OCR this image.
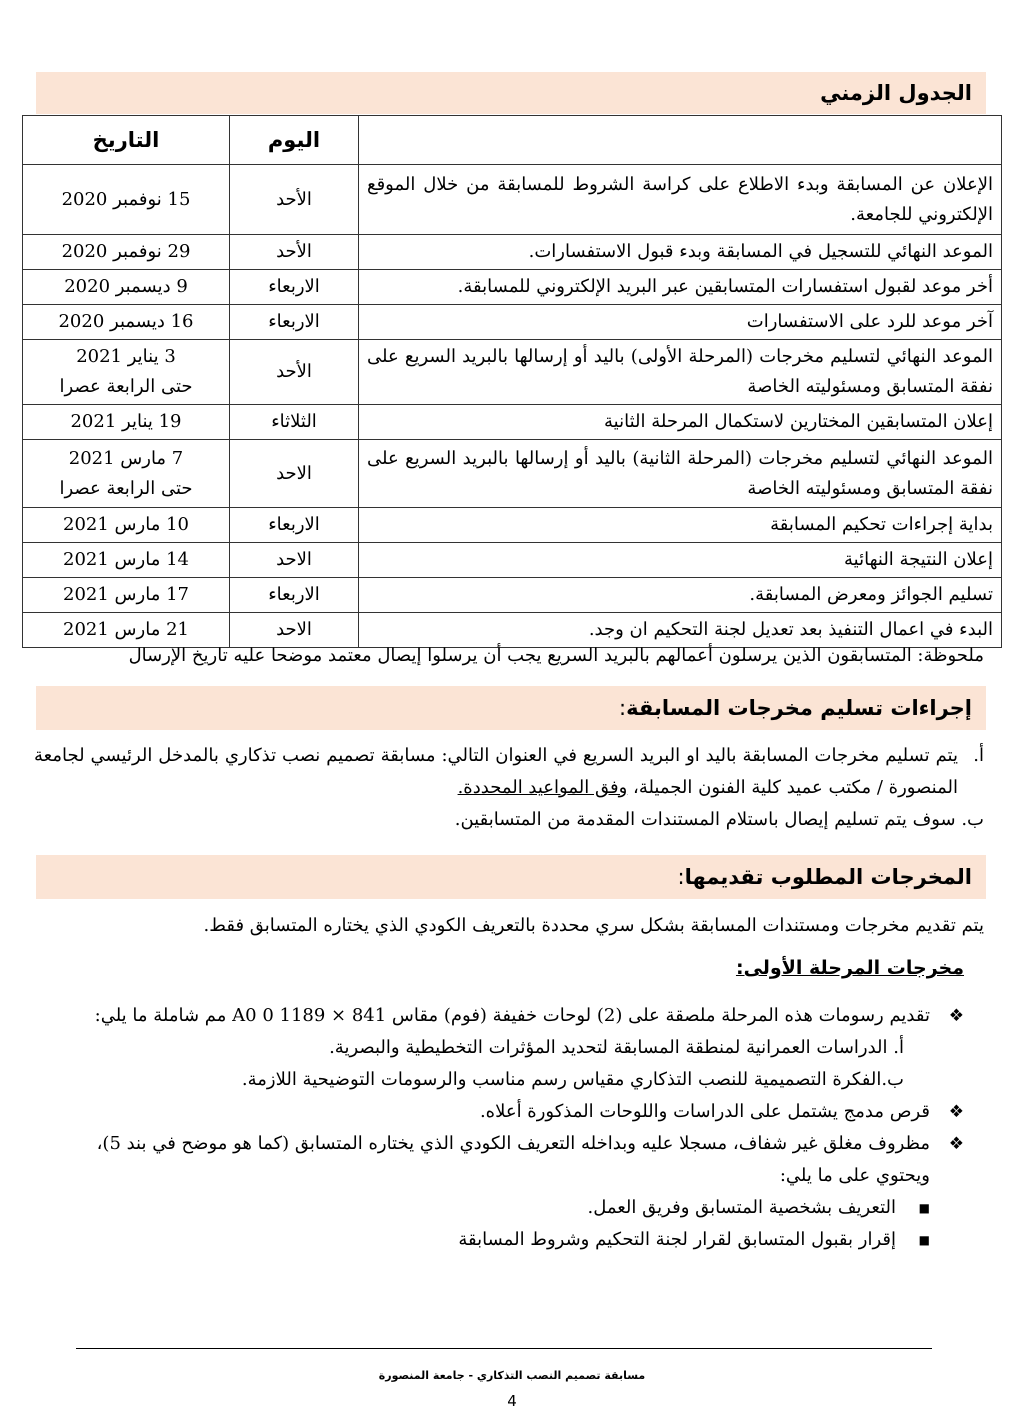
الجدول الزمني
	اليوم	التاريخ
الإعلان عن المسابقة وبدء الاطلاع على كراسة الشروط للمسابقة من خلال الموقع الإلكتروني للجامعة.	الأحد	15 نوفمبر 2020
الموعد النهائي للتسجيل في المسابقة وبدء قبول الاستفسارات.	الأحد	29 نوفمبر 2020
أخر موعد لقبول استفسارات المتسابقين عبر البريد الإلكتروني للمسابقة.	الاربعاء	9 ديسمبر 2020
آخر موعد للرد على الاستفسارات	الاربعاء	16 ديسمبر 2020
الموعد النهائي لتسليم مخرجات (المرحلة الأولى) باليد أو إرسالها بالبريد السريع على نفقة المتسابق ومسئوليته الخاصة	الأحد	3 يناير 2021
حتى الرابعة عصرا

إعلان المتسابقين المختارين لاستكمال المرحلة الثانية	الثلاثاء	19 يناير 2021
الموعد النهائي لتسليم مخرجات (المرحلة الثانية) باليد أو إرسالها بالبريد السريع على نفقة المتسابق ومسئوليته الخاصة	الاحد	7 مارس 2021
حتى الرابعة عصرا

بداية إجراءات تحكيم المسابقة	الاربعاء	10 مارس 2021
إعلان النتيجة النهائية	الاحد	14 مارس 2021
تسليم الجوائز ومعرض المسابقة.	الاربعاء	17 مارس 2021
البدء في اعمال التنفيذ بعد تعديل لجنة التحكيم ان وجد.	الاحد	21 مارس 2021
ملحوظة: المتسابقون الذين يرسلون أعمالهم بالبريد السريع يجب أن يرسلوا إيصال معتمد موضحا عليه تاريخ الإرسال
إجراءات تسليم مخرجات المسابقة
:
أ.
يتم تسليم مخرجات المسابقة باليد او البريد السريع في العنوان التالي: مسابقة تصميم نصب تذكاري بالمدخل الرئيسي لجامعة المنصورة / مكتب عميد كلية الفنون الجميلة، وفق المواعيد المحددة.
ب. سوف يتم تسليم إيصال باستلام المستندات المقدمة من المتسابقين.
المخرجات المطلوب تقديمها
:
يتم تقديم مخرجات ومستندات المسابقة بشكل سري محددة بالتعريف الكودي الذي يختاره المتسابق فقط.
مخرجات المرحلة الأولى:
❖
تقديم رسومات هذه المرحلة ملصقة على (2) لوحات خفيفة (فوم) مقاس A0 0 1189 × 841 مم شاملة ما يلي:
أ. الدراسات العمرانية لمنطقة المسابقة لتحديد المؤثرات التخطيطية والبصرية.
ب.الفكرة التصميمية للنصب التذكاري مقياس رسم مناسب والرسومات التوضيحية اللازمة.
❖
قرص مدمج يشتمل على الدراسات واللوحات المذكورة أعلاه.
❖
مظروف مغلق غير شفاف، مسجلا عليه وبداخله التعريف الكودي الذي يختاره المتسابق (كما هو موضح في بند 5)، ويحتوي على ما يلي:
■
التعريف بشخصية المتسابق وفريق العمل.
■
إقرار بقبول المتسابق لقرار لجنة التحكيم وشروط المسابقة
مسابقة تصميم النصب التذكاري - جامعة المنصورة
4
